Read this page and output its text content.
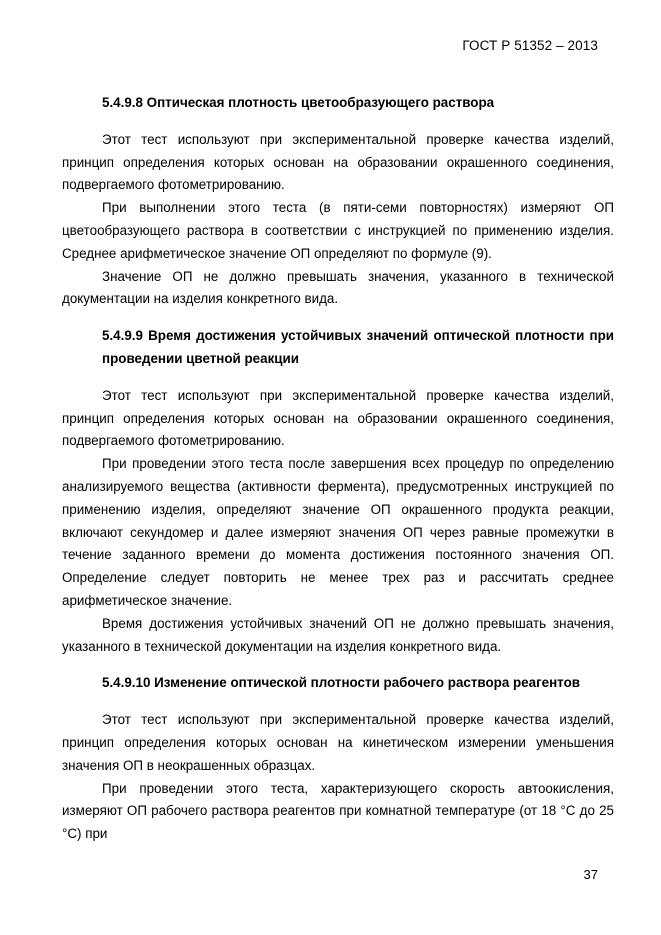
ГОСТ Р 51352 – 2013
5.4.9.8 Оптическая плотность цветообразующего раствора

Этот тест используют при экспериментальной проверке качества изделий, принцип определения которых основан на образовании окрашенного соединения, подвергаемого фотометрированию.

При выполнении этого теста (в пяти-семи повторностях) измеряют ОП цветообразующего раствора в соответствии с инструкцией по применению изделия. Среднее арифметическое значение ОП определяют по формуле (9).

Значение ОП не должно превышать значения, указанного в технической документации на изделия конкретного вида.

5.4.9.9 Время достижения устойчивых значений оптической плотности при проведении цветной реакции

Этот тест используют при экспериментальной проверке качества изделий, принцип определения которых основан на образовании окрашенного соединения, подвергаемого фотометрированию.

При проведении этого теста после завершения всех процедур по определению анализируемого вещества (активности фермента), предусмотренных инструкцией по применению изделия, определяют значение ОП окрашенного продукта реакции, включают секундомер и далее измеряют значения ОП через равные промежутки в течение заданного времени до момента достижения постоянного значения ОП. Определение следует повторить не менее трех раз и рассчитать среднее арифметическое значение.

Время достижения устойчивых значений ОП не должно превышать значения, указанного в технической документации на изделия конкретного вида.

5.4.9.10 Изменение оптической плотности рабочего раствора реагентов

Этот тест используют при экспериментальной проверке качества изделий, принцип определения которых основан на кинетическом измерении уменьшения значения ОП в неокрашенных образцах.

При проведении этого теста, характеризующего скорость автоокисления, измеряют ОП рабочего раствора реагентов при комнатной температуре (от 18 °С до 25 °С) при

37
